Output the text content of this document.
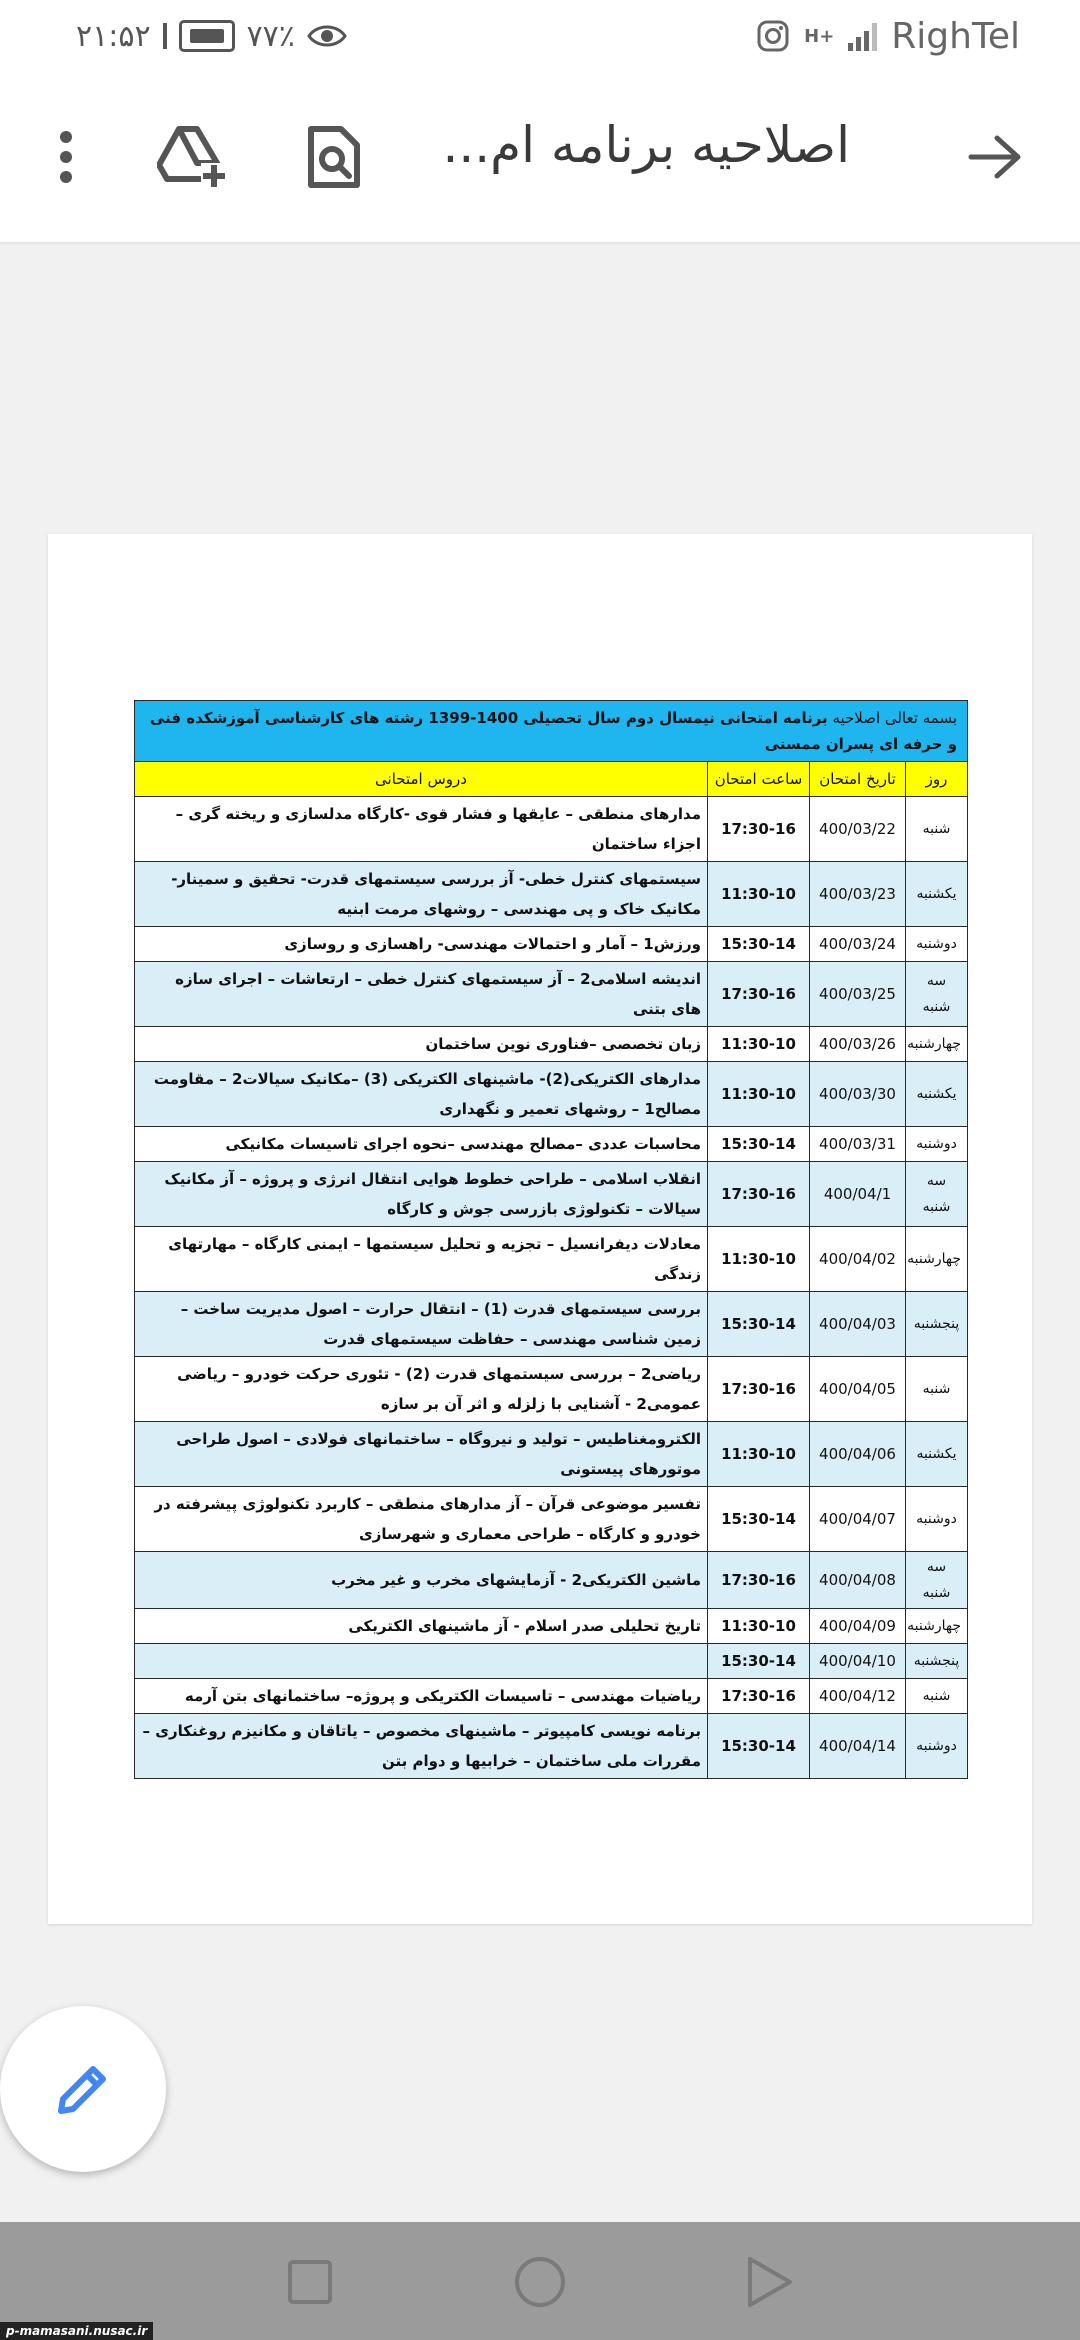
۲۱:۵۲	۷۷٪	H+ RighTel
اصلاحیه برنامه ام...
بسمه تعالی اصلاحیه برنامه امتحانی نیمسال دوم سال تحصیلی 1400-1399 رشته های کارشناسی آموزشکده فنی و حرفه ای پسران ممسنی			
روز	تاریخ امتحان	ساعت امتحان	دروس امتحانی
شنبه	400/03/22	17:30-16	مدارهای منطقی – عایقها و فشار قوی -کارگاه مدلسازی و ریخته گری –اجزاء ساختمان
یکشنبه	400/03/23	11:30-10	سیستمهای کنترل خطی- آز بررسی سیستمهای قدرت- تحقیق و سمینار- مکانیک خاک و پی مهندسی – روشهای مرمت ابنیه
دوشنبه	400/03/24	15:30-14	ورزش1 – آمار و احتمالات مهندسی- راهسازی و روسازی
سه شنبه	400/03/25	17:30-16	اندیشه اسلامی2 – آز سیستمهای کنترل خطی – ارتعاشات – اجرای سازه های بتنی
چهارشنبه	400/03/26	11:30-10	زبان تخصصی –فناوری نوین ساختمان
یکشنبه	400/03/30	11:30-10	مدارهای الکتریکی(2)- ماشینهای الکتریکی (3) –مکانیک سیالات2 – مقاومت مصالح1 – روشهای تعمیر و نگهداری
دوشنبه	400/03/31	15:30-14	محاسبات عددی –مصالح مهندسی –نحوه اجرای تاسیسات مکانیکی
سه شنبه	400/04/1	17:30-16	انقلاب اسلامی – طراحی خطوط هوایی انتقال انرژی و پروژه – آز مکانیک سیالات – تکنولوژی بازرسی جوش و کارگاه
چهارشنبه	400/04/02	11:30-10	معادلات دیفرانسیل – تجزیه و تحلیل سیستمها – ایمنی کارگاه – مهارتهای زندگی
پنجشنبه	400/04/03	15:30-14	بررسی سیستمهای قدرت (1) – انتقال حرارت – اصول مدیریت ساخت – زمین شناسی مهندسی – حفاظت سیستمهای قدرت
شنبه	400/04/05	17:30-16	ریاضی2 – بررسی سیستمهای قدرت (2) - تئوری حرکت خودرو – ریاضی عمومی2 - آشنایی با زلزله و اثر آن بر سازه
یکشنبه	400/04/06	11:30-10	الکترومغناطیس – تولید و نیروگاه – ساختمانهای فولادی – اصول طراحی موتورهای پیستونی
دوشنبه	400/04/07	15:30-14	تفسیر موضوعی قرآن – آز مدارهای منطقی – کاربرد تکنولوژی پیشرفته در خودرو و کارگاه – طراحی معماری و شهرسازی
سه شنبه	400/04/08	17:30-16	ماشین الکتریکی2 - آزمایشهای مخرب و غیر مخرب
چهارشنبه	400/04/09	11:30-10	تاریخ تحلیلی صدر اسلام - آز ماشینهای الکتریکی
پنجشنبه	400/04/10	15:30-14	
شنبه	400/04/12	17:30-16	ریاضیات مهندسی – تاسیسات الکتریکی و پروژه– ساختمانهای بتن آرمه
دوشنبه	400/04/14	15:30-14	برنامه نویسی کامپیوتر – ماشینهای مخصوص – یاتاقان و مکانیزم روغنکاری – مقررات ملی ساختمان – خرابیها و دوام بتن
p-mamasani.nusac.ir
